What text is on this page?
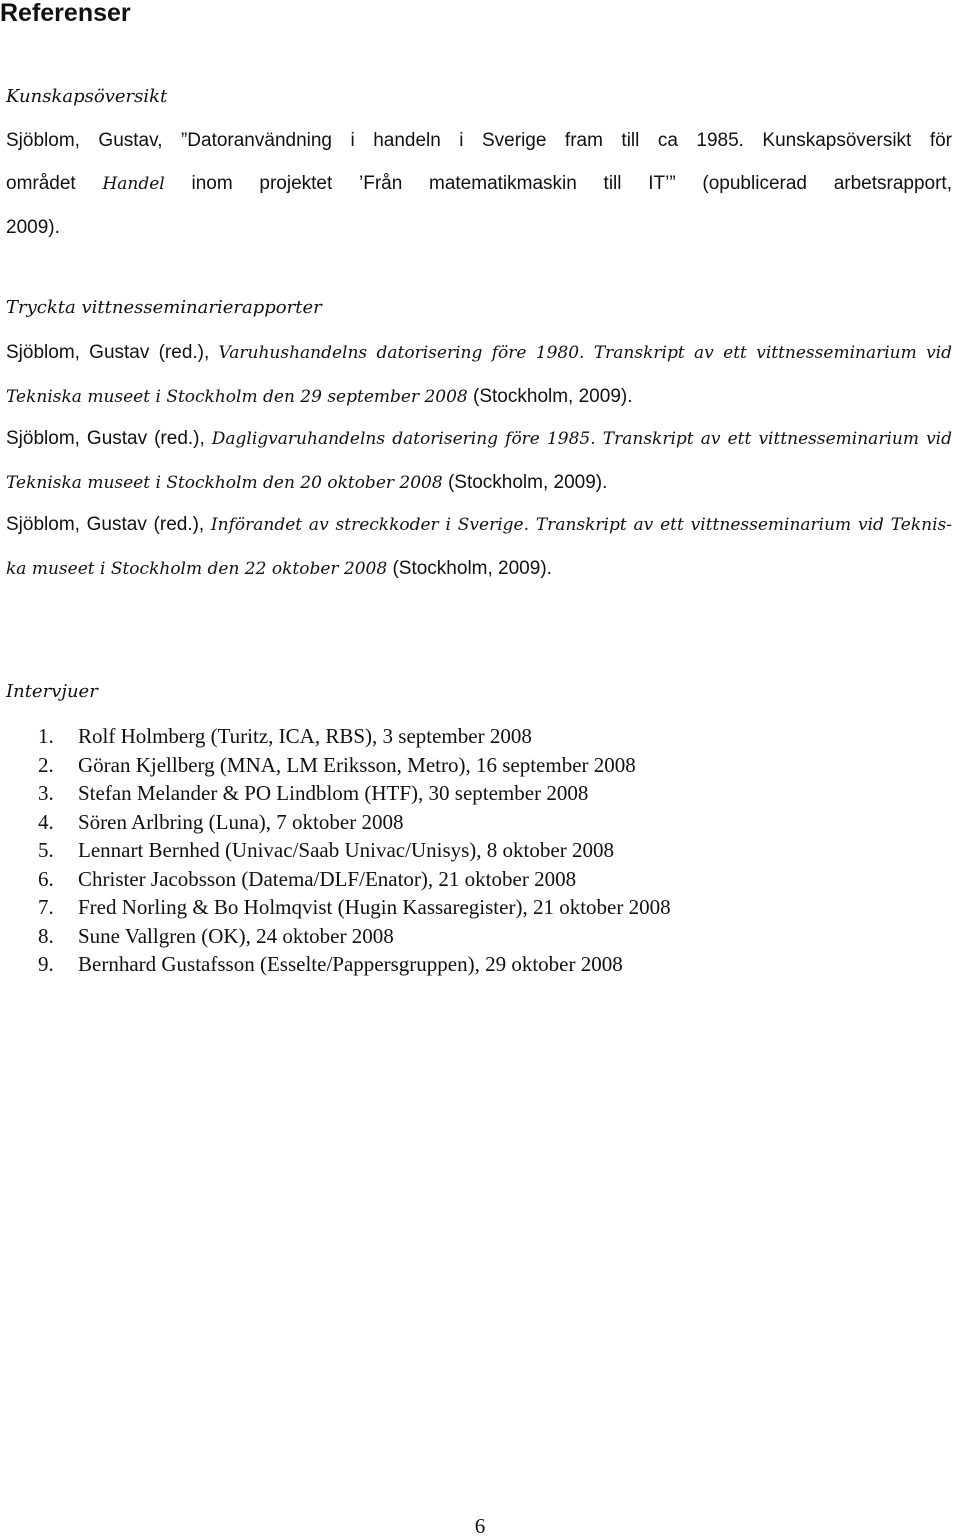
Referenser
Kunskapsöversikt
Sjöblom, Gustav, ”Datoranvändning i handeln i Sverige fram till ca 1985. Kunskapsöversikt för
området Handel inom projektet ’Från matematikmaskin till IT’” (opublicerad arbetsrapport,
2009).
Tryckta vittnesseminarierapporter
Sjöblom, Gustav (red.), Varuhushandelns datorisering före 1980. Transkript av ett vittnesseminarium vid
Tekniska museet i Stockholm den 29 september 2008 (Stockholm, 2009).
Sjöblom, Gustav (red.), Dagligvaruhandelns datorisering före 1985. Transkript av ett vittnesseminarium vid
Tekniska museet i Stockholm den 20 oktober 2008 (Stockholm, 2009).
Sjöblom, Gustav (red.), Införandet av streckkoder i Sverige. Transkript av ett vittnesseminarium vid Teknis-
ka museet i Stockholm den 22 oktober 2008 (Stockholm, 2009).
Intervjuer
1.	Rolf Holmberg (Turitz, ICA, RBS), 3 september 2008
2.	Göran Kjellberg (MNA, LM Eriksson, Metro), 16 september 2008
3.	Stefan Melander & PO Lindblom (HTF), 30 september 2008
4.	Sören Arlbring (Luna), 7 oktober 2008
5.	Lennart Bernhed (Univac/Saab Univac/Unisys), 8 oktober 2008
6.	Christer Jacobsson (Datema/DLF/Enator), 21 oktober 2008
7.	Fred Norling & Bo Holmqvist (Hugin Kassaregister), 21 oktober 2008
8.	Sune Vallgren (OK), 24 oktober 2008
9.	Bernhard Gustafsson (Esselte/Pappersgruppen), 29 oktober 2008
6
